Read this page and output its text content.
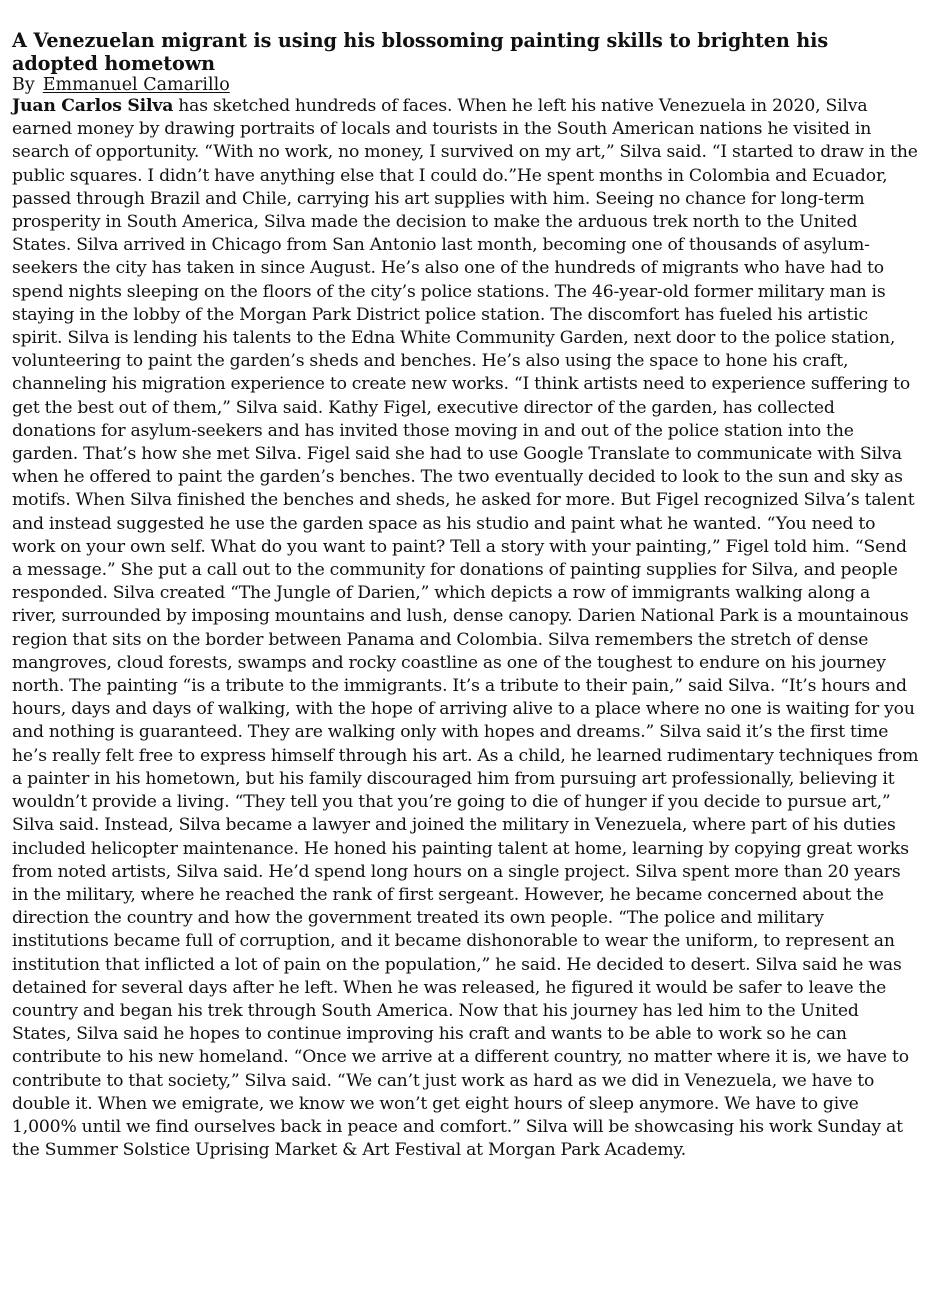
A Venezuelan migrant is using his blossoming painting skills to brighten his adopted hometown

By Emmanuel Camarillo

Juan Carlos Silva has sketched hundreds of faces. When he left his native Venezuela in 2020, Silva earned money by drawing portraits of locals and tourists in the South American nations he visited in search of opportunity. “With no work, no money, I survived on my art,” Silva said. “I started to draw in the public squares. I didn’t have anything else that I could do.”He spent months in Colombia and Ecuador, passed through Brazil and Chile, carrying his art supplies with him. Seeing no chance for long-term prosperity in South America, Silva made the decision to make the arduous trek north to the United States. Silva arrived in Chicago from San Antonio last month, becoming one of thousands of asylum-seekers the city has taken in since August. He’s also one of the hundreds of migrants who have had to spend nights sleeping on the floors of the city’s police stations. The 46-year-old former military man is staying in the lobby of the Morgan Park District police station. The discomfort has fueled his artistic spirit. Silva is lending his talents to the Edna White Community Garden, next door to the police station, volunteering to paint the garden’s sheds and benches. He’s also using the space to hone his craft, channeling his migration experience to create new works. “I think artists need to experience suffering to get the best out of them,” Silva said. Kathy Figel, executive director of the garden, has collected donations for asylum-seekers and has invited those moving in and out of the police station into the garden. That’s how she met Silva. Figel said she had to use Google Translate to communicate with Silva when he offered to paint the garden’s benches. The two eventually decided to look to the sun and sky as motifs. When Silva finished the benches and sheds, he asked for more. But Figel recognized Silva’s talent and instead suggested he use the garden space as his studio and paint what he wanted. “You need to work on your own self. What do you want to paint? Tell a story with your painting,” Figel told him. “Send a message.” She put a call out to the community for donations of painting supplies for Silva, and people responded. Silva created “The Jungle of Darien,” which depicts a row of immigrants walking along a river, surrounded by imposing mountains and lush, dense canopy. Darien National Park is a mountainous region that sits on the border between Panama and Colombia. Silva remembers the stretch of dense mangroves, cloud forests, swamps and rocky coastline as one of the toughest to endure on his journey north. The painting “is a tribute to the immigrants. It’s a tribute to their pain,” said Silva. “It’s hours and hours, days and days of walking, with the hope of arriving alive to a place where no one is waiting for you and nothing is guaranteed. They are walking only with hopes and dreams.” Silva said it’s the first time he’s really felt free to express himself through his art. As a child, he learned rudimentary techniques from a painter in his hometown, but his family discouraged him from pursuing art professionally, believing it wouldn’t provide a living. “They tell you that you’re going to die of hunger if you decide to pursue art,” Silva said. Instead, Silva became a lawyer and joined the military in Venezuela, where part of his duties included helicopter maintenance. He honed his painting talent at home, learning by copying great works from noted artists, Silva said. He’d spend long hours on a single project. Silva spent more than 20 years in the military, where he reached the rank of first sergeant. However, he became concerned about the direction the country and how the government treated its own people. “The police and military institutions became full of corruption, and it became dishonorable to wear the uniform, to represent an institution that inflicted a lot of pain on the population,” he said. He decided to desert. Silva said he was detained for several days after he left. When he was released, he figured it would be safer to leave the country and began his trek through South America. Now that his journey has led him to the United States, Silva said he hopes to continue improving his craft and wants to be able to work so he can contribute to his new homeland. “Once we arrive at a different country, no matter where it is, we have to contribute to that society,” Silva said. “We can’t just work as hard as we did in Venezuela, we have to double it. When we emigrate, we know we won’t get eight hours of sleep anymore. We have to give 1,000% until we find ourselves back in peace and comfort.” Silva will be showcasing his work Sunday at the Summer Solstice Uprising Market & Art Festival at Morgan Park Academy.
